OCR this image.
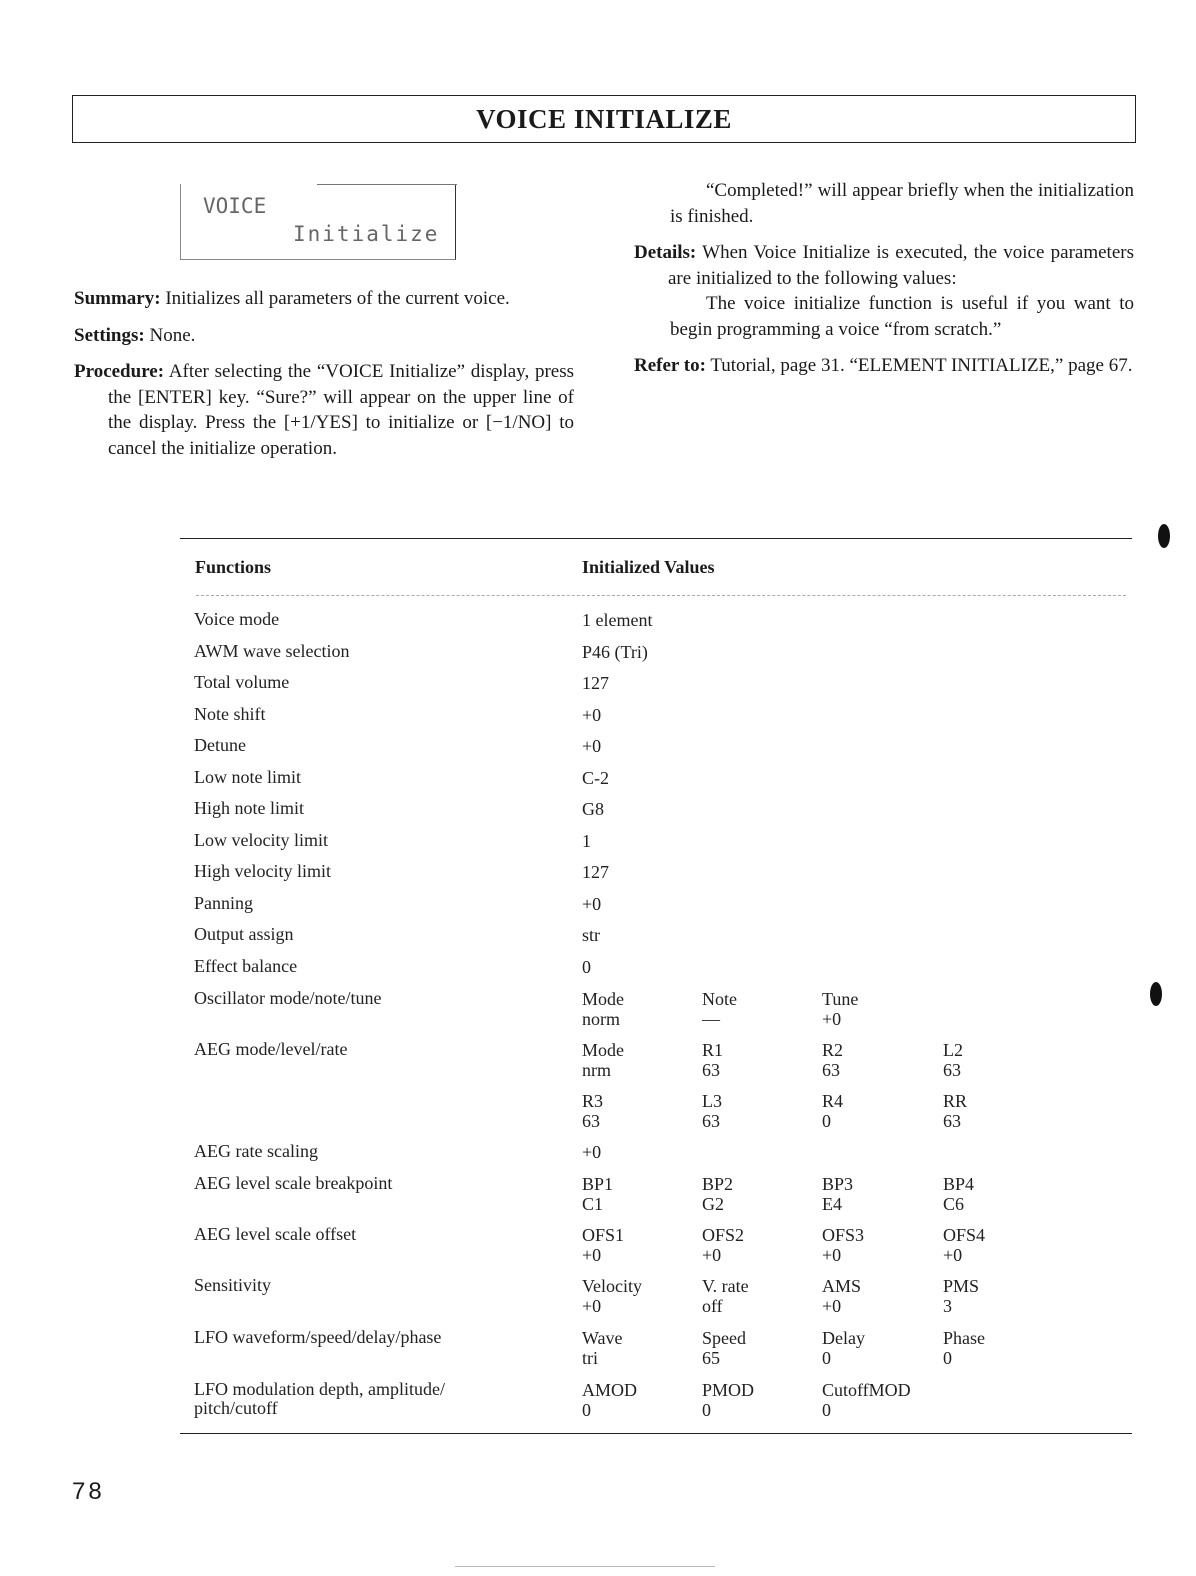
VOICE INITIALIZE
VOICE
Initialize

Summary: Initializes all parameters of the current voice.

Settings: None.

Procedure: After selecting the “VOICE Initialize” display, press the [ENTER] key. “Sure?” will appear on the upper line of the display. Press the [+1/YES] to initialize or [−1/NO] to cancel the initialize operation.

“Completed!” will appear briefly when the initialization is finished.

Details: When Voice Initialize is executed, the voice parameters are initialized to the following values:

The voice initialize function is useful if you want to begin programming a voice “from scratch.”

Refer to: Tutorial, page 31. “ELEMENT INITIALIZE,” page 67.

Functions	Initialized Values
Voice mode	1 element
AWM wave selection	P46 (Tri)
Total volume	127
Note shift	+0
Detune	+0
Low note limit	C-2
High note limit	G8
Low velocity limit	1
High velocity limit	127
Panning	+0
Output assign	str
Effect balance	0
Oscillator mode/note/tune	Mode	Note	Tune
norm	—	+0
AEG mode/level/rate	Mode	R1	R2	L2
nrm	63	63	63
R3	L3	R4	RR
63	63	0	63
AEG rate scaling	+0
AEG level scale breakpoint	BP1	BP2	BP3	BP4
C1	G2	E4	C6
AEG level scale offset	OFS1	OFS2	OFS3	OFS4
+0	+0	+0	+0
Sensitivity	Velocity	V. rate	AMS	PMS
+0	off	+0	3
LFO waveform/speed/delay/phase	Wave	Speed	Delay	Phase
tri	65	0	0
LFO modulation depth, amplitude/
pitch/cutoff
AMOD	PMOD	CutoffMOD
0	0	0
78
